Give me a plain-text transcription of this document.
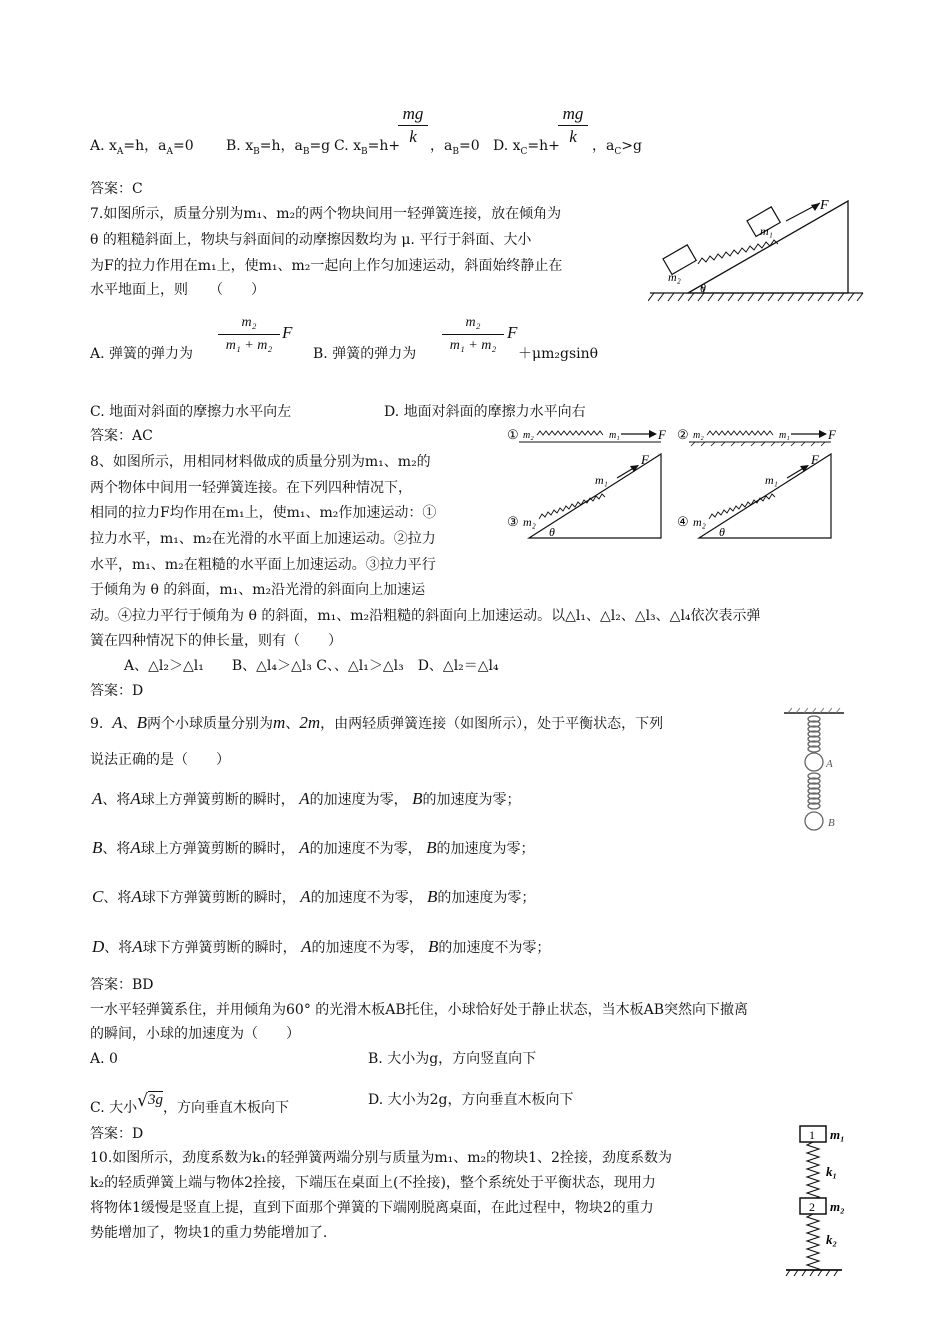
A. $x_A=h$，$a_A=0$ B. $x_B=h$，$a_B=g$ C. $x_B=h+$
mg
k ，$a_B=0$ D. $x_C=h+$
mg
k	，$a_C>g$
答案：C
7.如图所示，质量分别为m₁、m₂的两个物块间用一轻弹簧连接，放在倾角为
θ 的粗糙斜面上，物块与斜面间的动摩擦因数均为 μ. 平行于斜面、大小
为F的拉力作用在m₁上，使m₁、m₂一起向上作匀加速运动，斜面始终静止在
水平地面上，则　　（　　）
m₂
m₁
F
θ
A. 弹簧的弹力为
m₂
m₁ + m₂
F
B. 弹簧的弹力为
m₂
m₁ + m₂
F
＋μm₂gsinθ
C. 地面对斜面的摩擦力水平向左	D. 地面对斜面的摩擦力水平向右
答案：AC	① m₂	m₁	F ② m₂	m₁	F
③ m₂
m₁
F
θ
④ m₂
m₁
F
θ
8、如图所示，用相同材料做成的质量分别为m₁、m₂的
两个物体中间用一轻弹簧连接。在下列四种情况下，
相同的拉力F均作用在m₁上，使m₁、m₂作加速运动：①
拉力水平，m₁、m₂在光滑的水平面上加速运动。②拉力
水平，m₁、m₂在粗糙的水平面上加速运动。③拉力平行
于倾角为 θ 的斜面，m₁、m₂沿光滑的斜面向上加速运
动。④拉力平行于倾角为 θ 的斜面，m₁、m₂沿粗糙的斜面向上加速运动。以△l₁、△l₂、△l₃、△l₄依次表示弹
簧在四种情况下的伸长量，则有（　　）
A、△l₂＞△l₁　　B、△l₄＞△l₃ C、、△l₁＞△l₃　D、△l₂＝△l₄
答案：D
9. A、B两个小球质量分别为m、2m，由两轻质弹簧连接（如图所示），处于平衡状态，下列
说法正确的是（　　）
A、将A球上方弹簧剪断的瞬时， A的加速度为零， B的加速度为零；
B、将A球上方弹簧剪断的瞬时， A的加速度不为零， B的加速度为零；
C、将A球下方弹簧剪断的瞬时， A的加速度不为零， B的加速度为零；
D、将A球下方弹簧剪断的瞬时， A的加速度不为零， B的加速度不为零；
答案：BD
A
B
一水平轻弹簧系住，并用倾角为60° 的光滑木板AB托住，小球恰好处于静止状态，当木板AB突然向下撤离
的瞬间，小球的加速度为（　　）
A. 0	B. 大小为g，方向竖直向下
C. 大小√3g，方向垂直木板向下	D. 大小为2g，方向垂直木板向下
答案：D
10.如图所示，劲度系数为k₁的轻弹簧两端分别与质量为m₁、m₂的物块1、2拴接，劲度系数为
k₂的轻质弹簧上端与物体2拴接，下端压在桌面上(不拴接)，整个系统处于平衡状态，现用力
将物体1缓慢是竖直上提，直到下面那个弹簧的下端刚脱离桌面，在此过程中，物块2的重力
势能增加了，物块1的重力势能增加了.
1 m₁
k₁
2 m₂
k₂
